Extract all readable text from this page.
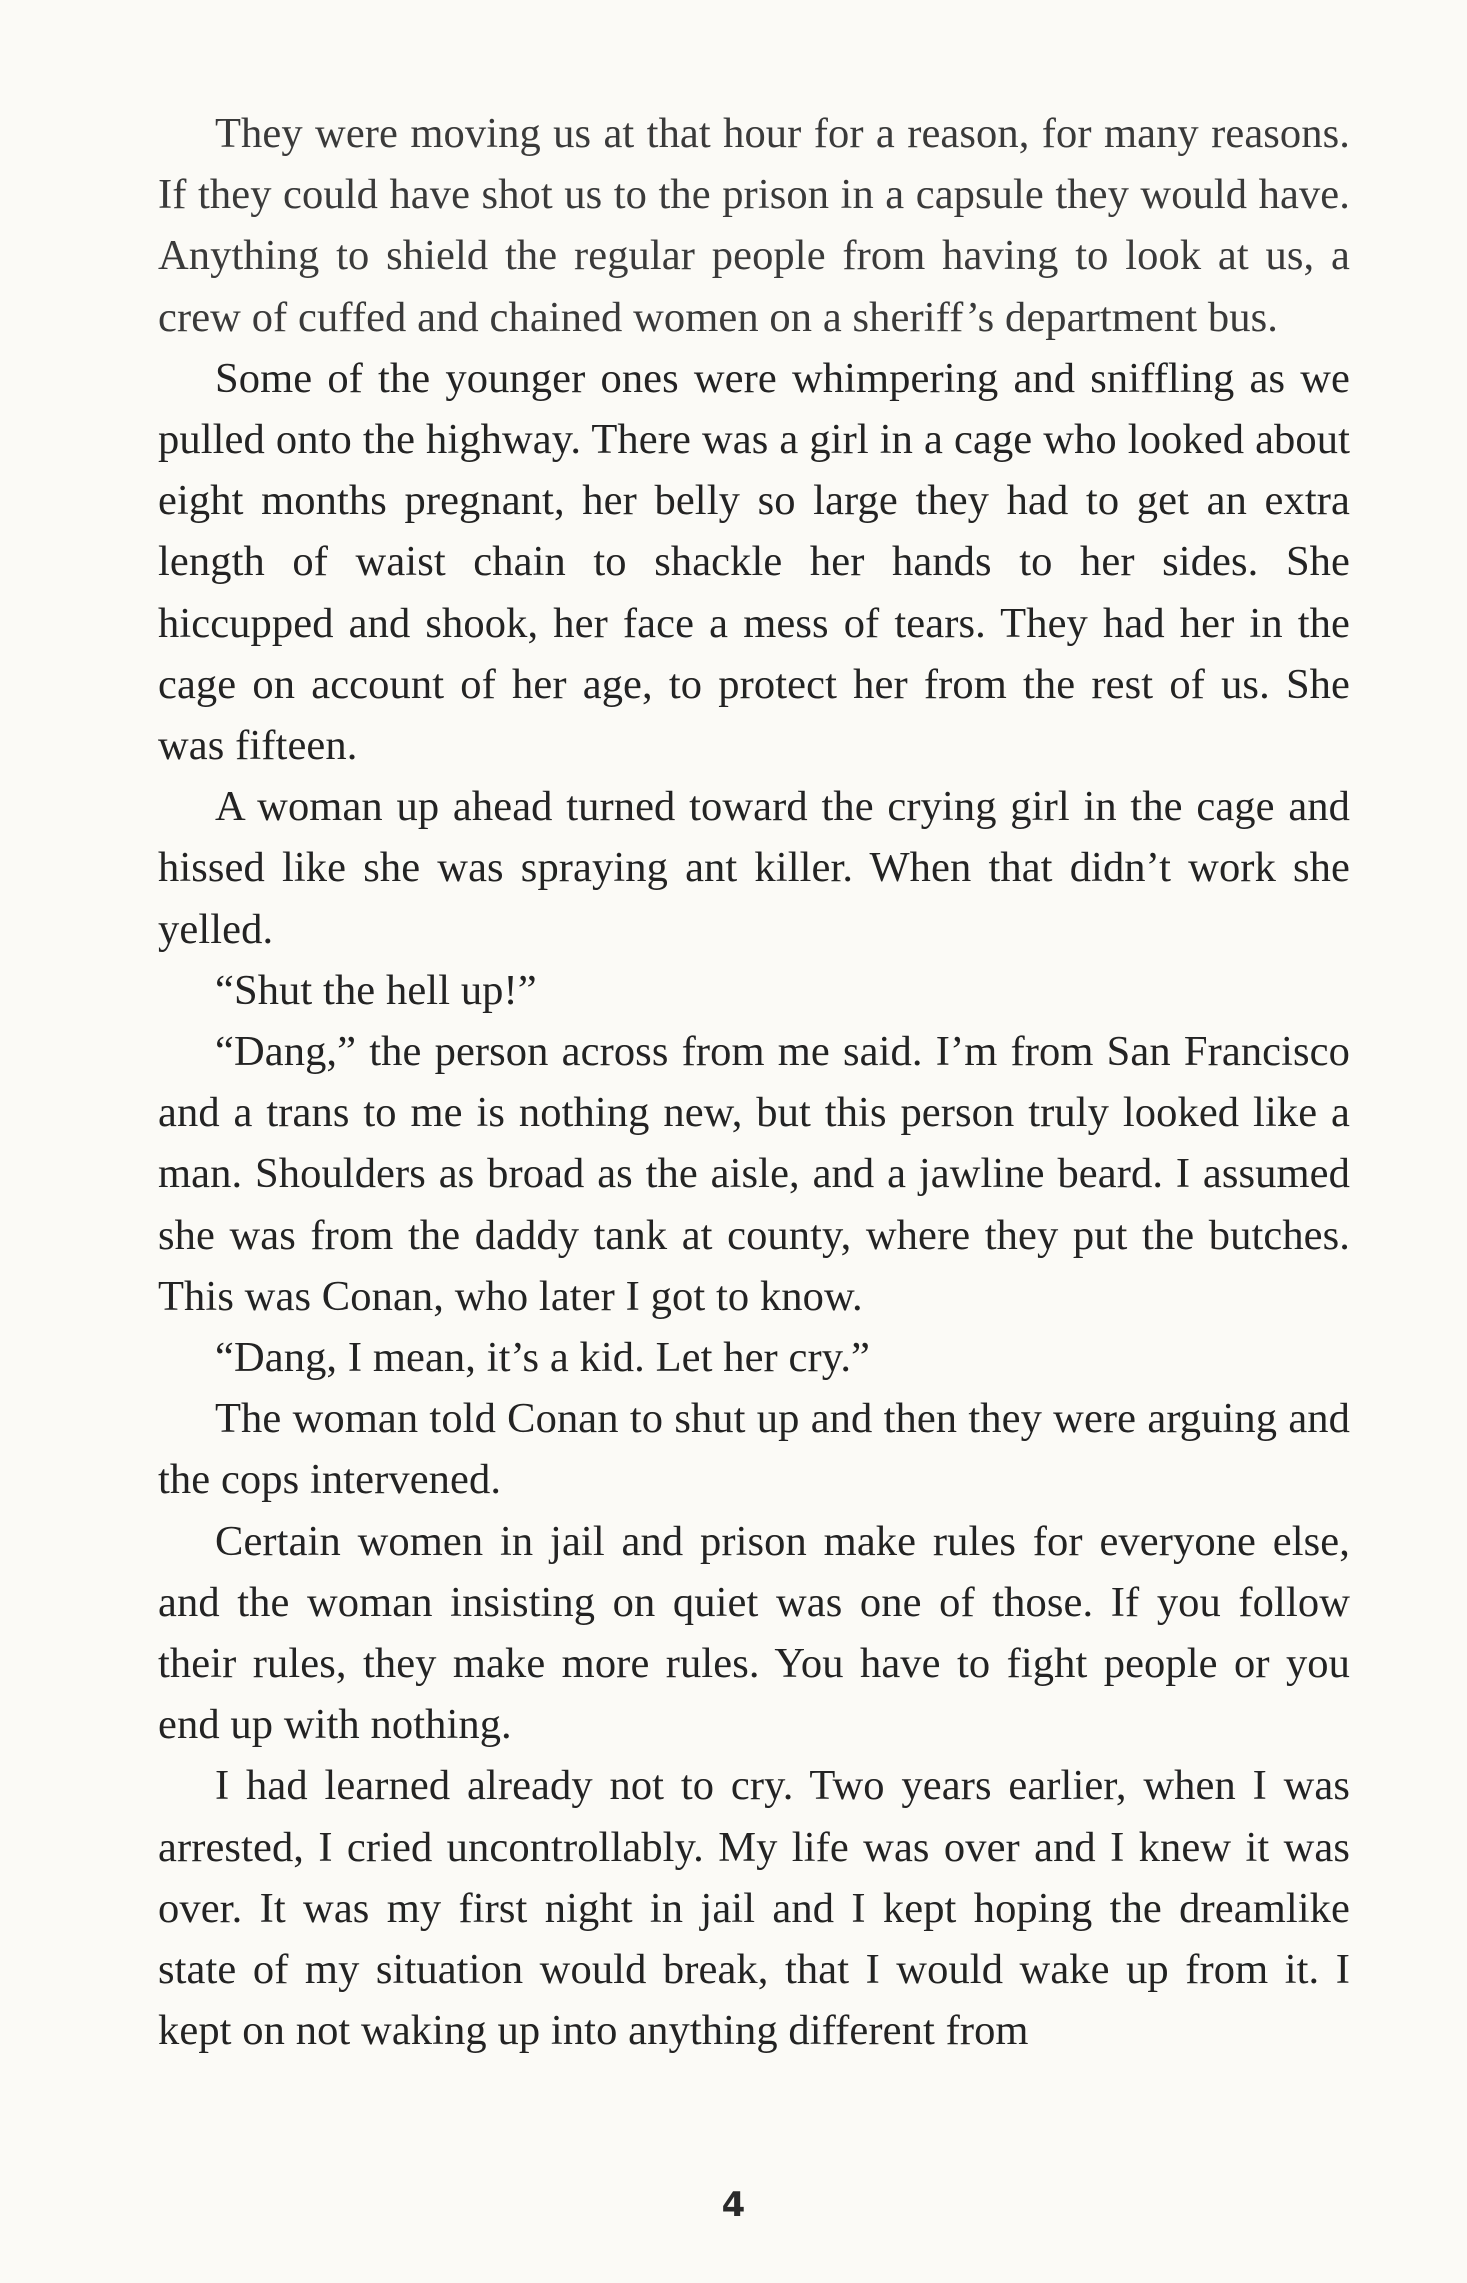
They were moving us at that hour for a reason, for many reasons. If they could have shot us to the prison in a capsule they would have. Anything to shield the regular people from having to look at us, a crew of cuffed and chained women on a sheriff’s department bus.

Some of the younger ones were whimpering and sniffling as we pulled onto the highway. There was a girl in a cage who looked about eight months pregnant, her belly so large they had to get an extra length of waist chain to shackle her hands to her sides. She hiccupped and shook, her face a mess of tears. They had her in the cage on account of her age, to protect her from the rest of us. She was fifteen.

A woman up ahead turned toward the crying girl in the cage and hissed like she was spraying ant killer. When that didn’t work she yelled.

“Shut the hell up!”

“Dang,” the person across from me said. I’m from San Francisco and a trans to me is nothing new, but this person truly looked like a man. Shoulders as broad as the aisle, and a jawline beard. I assumed she was from the daddy tank at county, where they put the butches. This was Conan, who later I got to know.

“Dang, I mean, it’s a kid. Let her cry.”

The woman told Conan to shut up and then they were arguing and the cops intervened.

Certain women in jail and prison make rules for everyone else, and the woman insisting on quiet was one of those. If you follow their rules, they make more rules. You have to fight people or you end up with nothing.

I had learned already not to cry. Two years earlier, when I was arrested, I cried uncontrollably. My life was over and I knew it was over. It was my first night in jail and I kept hoping the dreamlike state of my situation would break, that I would wake up from it. I kept on not waking up into anything different from

4
